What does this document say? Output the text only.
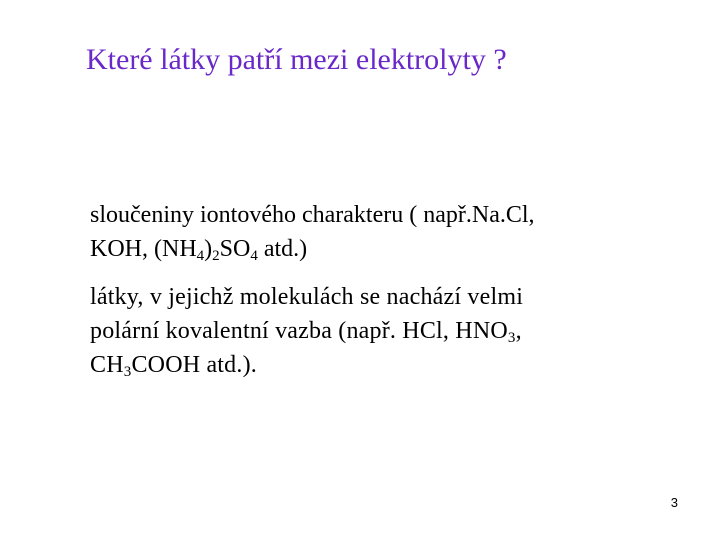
Které látky patří mezi elektrolyty ?

sloučeniny iontového charakteru ( např.Na.Cl,
KOH, $(NH_4)_2SO_4$ atd.)

látky, v jejichž molekulách se nachází velmi
polární kovalentní vazba (např. HCl, $HNO_3$,
$CH_3COOH$ atd.).

3
